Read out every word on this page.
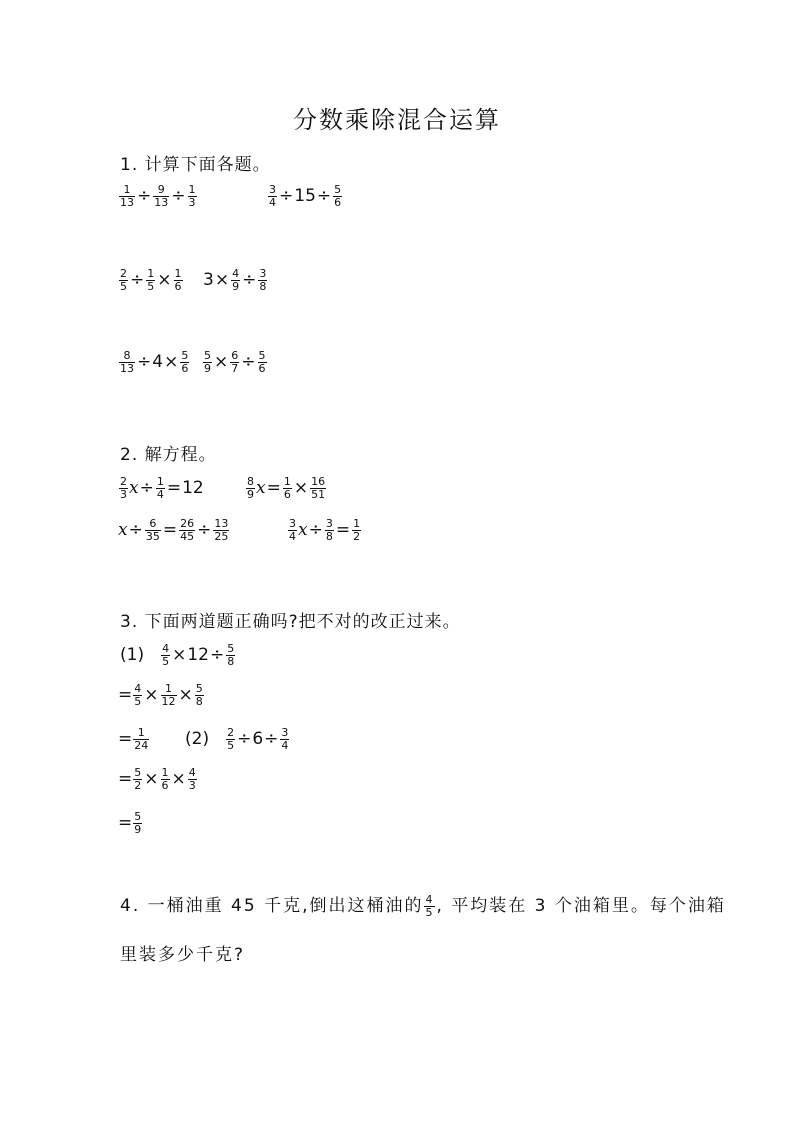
分数乘除混合运算
1. 计算下面各题。
$\frac{1}{13} \div \frac{9}{13} \div \frac{1}{3}$	$\frac{3}{4} \div 15 \div \frac{5}{6}$
$\frac{2}{5} \div \frac{1}{5} \times \frac{1}{6} 3 \times \frac{4}{9} \div \frac{3}{8}$
$\frac{8}{13} \div 4 \times \frac{5}{6} \frac{5}{9} \times \frac{6}{7} \div \frac{5}{6}$
2. 解方程。
$\frac{2}{3}$ $x \div \frac{1}{4} = 12$	$\frac{8}{9}$ $x = \frac{1}{6} \times \frac{16}{51}$
$x \div \frac{6}{35} = \frac{26}{45} \div \frac{13}{25}$	$\frac{3}{4}$ $x \div \frac{3}{8} = \frac{1}{2}$
3. 下面两道题正确吗?把不对的改正过来。
$(1) \frac{4}{5} \times 12 \div \frac{5}{8}$
= $\frac{4}{5} \times \frac{1}{12} \times \frac{5}{8}$
= $\frac{1}{24} (2) \frac{2}{5} \div 6 \div \frac{3}{4}$
= $\frac{5}{2} \times \frac{1}{6} \times \frac{4}{3}$
= $\frac{5}{9}$
4. 一桶油重 45 千克,倒出这桶油的 $\frac{4}{5}$ , 平均装在 3 个油箱里。每个油箱
里装多少千克?
